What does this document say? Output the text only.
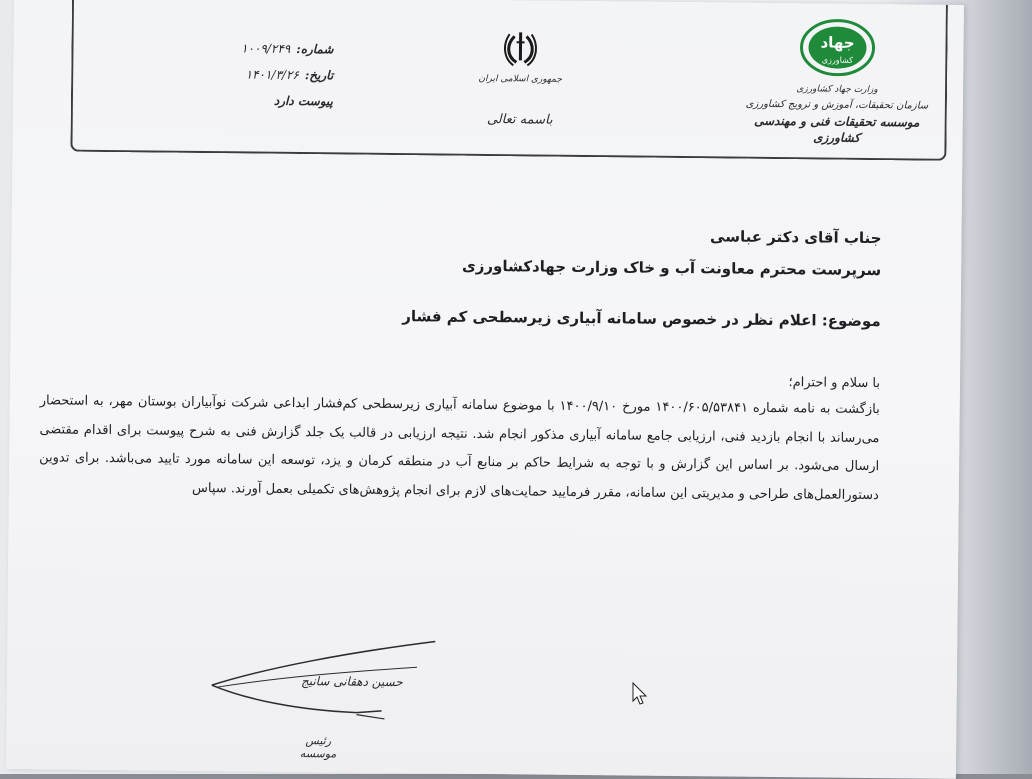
شماره:
۱۰۰۹/۲۴۹
تاریخ:
۱۴۰۱/۳/۲۶
پیوست دارد
جمهوری اسلامی ایران
باسمه تعالی
جهاد
کشاورزی
وزارت جهاد کشاورزی
سازمان تحقیقات، آموزش و ترویج کشاورزی
موسسه تحقیقات فنی و مهندسی کشاورزی
جناب آقای دکتر عباسی
سرپرست محترم معاونت آب و خاک وزارت جهادکشاورزی
موضوع: اعلام نظر در خصوص سامانه آبیاری زیرسطحی کم فشار
با سلام و احترام؛
بازگشت به نامه شماره ۱۴۰۰/۶۰۵/۵۳۸۴۱ مورخ ۱۴۰۰/۹/۱۰ با موضوع سامانه آبیاری زیرسطحی کم‌فشار ابداعی شرکت نوآبیاران بوستان مهر، به استحضار می‌رساند با انجام بازدید فنی، ارزیابی جامع سامانه آبیاری مذکور انجام شد. نتیجه ارزیابی در قالب یک جلد گزارش فنی به شرح پیوست برای اقدام مقتضی ارسال می‌شود. بر اساس این گزارش و با توجه به شرایط حاکم بر منابع آب در منطقه کرمان و یزد، توسعه این سامانه مورد تایید می‌باشد. برای تدوین دستورالعمل‌های طراحی و مدیریتی این سامانه، مقرر فرمایید حمایت‌های لازم برای انجام پژوهش‌های تکمیلی بعمل آورند. سپاس
حسین دهقانی سانیج
رئیس موسسه
